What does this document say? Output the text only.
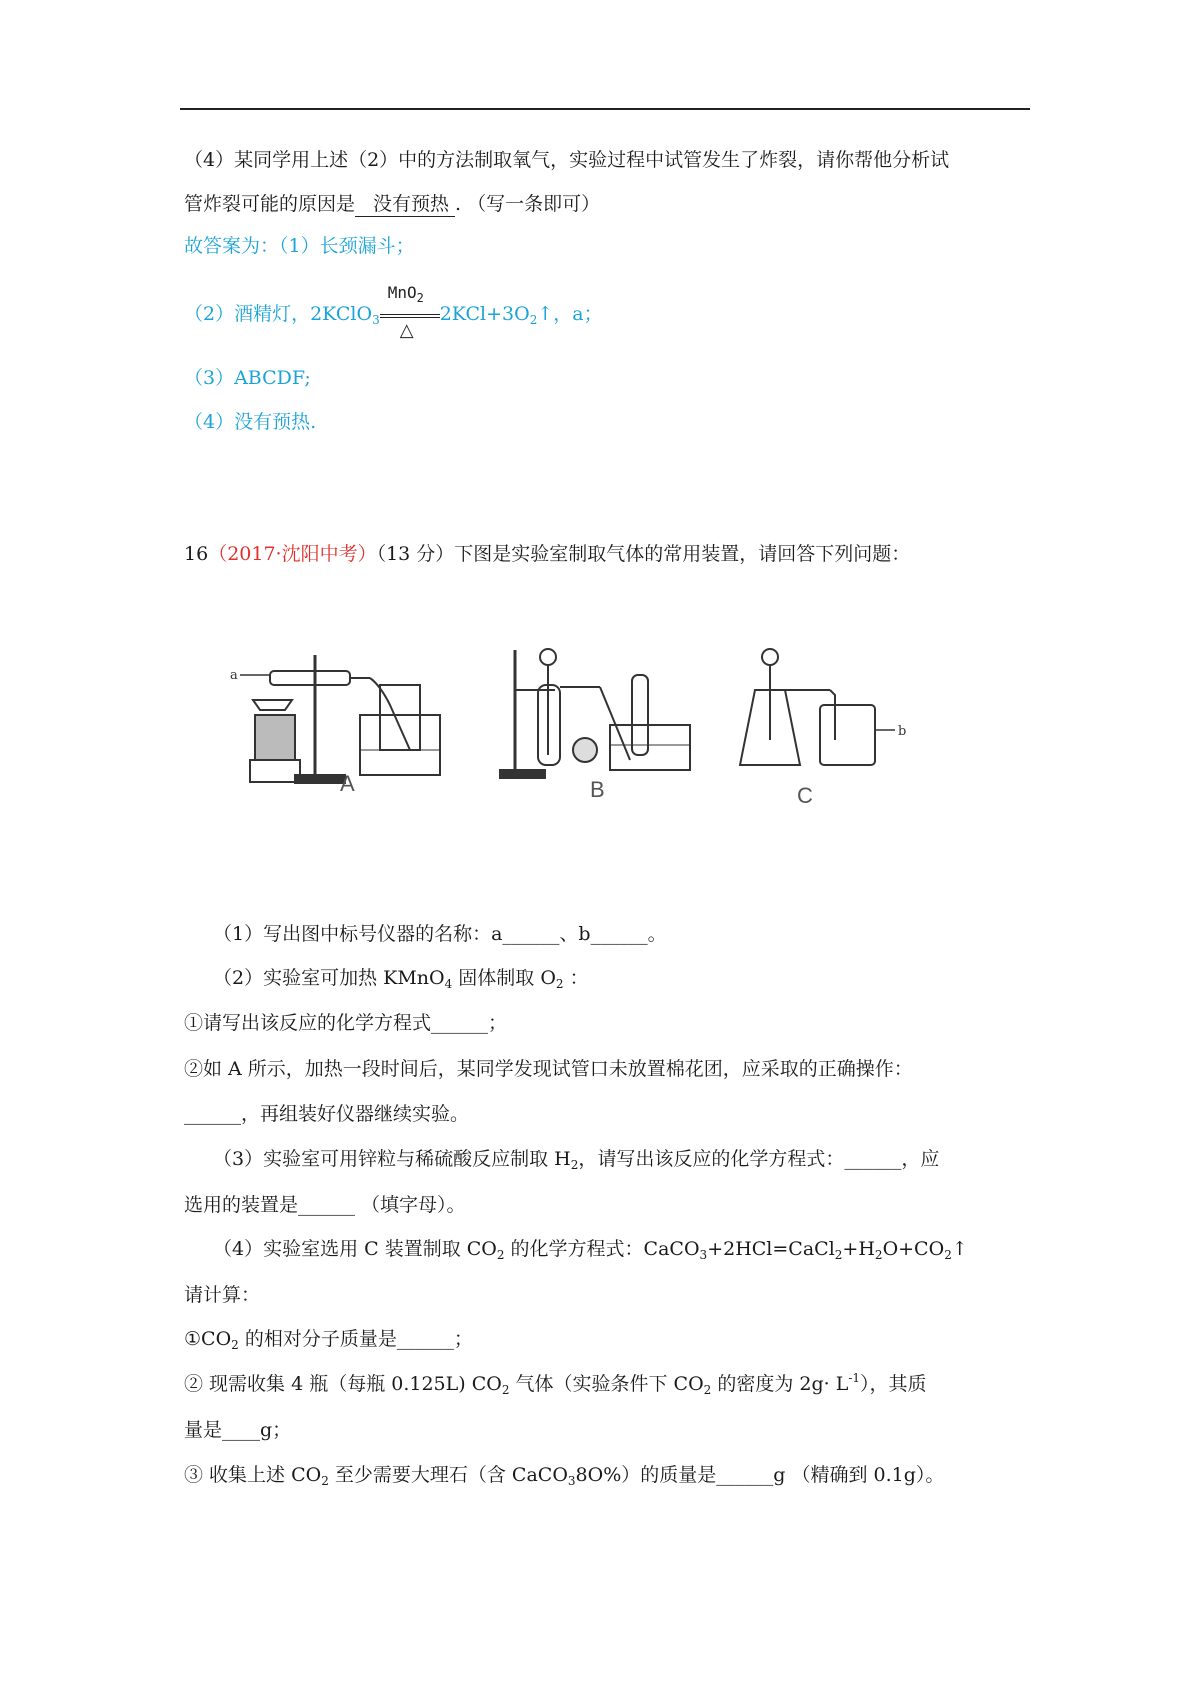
（4）某同学用上述（2）中的方法制取氧气，实验过程中试管发生了炸裂，请你帮他分析试
管炸裂可能的原因是 没有预热 . （写一条即可）
故答案为：（1）长颈漏斗；
（2）酒精灯，2KClO$_3$
MnO$_2$
△
$2KCl+3O_2↑$，a；
（3）ABCDF;
（4）没有预热.
16（2017·沈阳中考）（13 分）下图是实验室制取气体的常用装置，请回答下列问题：
a
b
A	B	C
（1）写出图中标号仪器的名称：a______、b______。
（2）实验室可加热 KMnO$_4$ 固体制取 $O_2$ ：
①请写出该反应的化学方程式______；
②如 A 所示，加热一段时间后，某同学发现试管口未放置棉花团，应采取的正确操作：
______，再组装好仪器继续实验。
（3）实验室可用锌粒与稀硫酸反应制取 $H_2$，请写出该反应的化学方程式：______，应
选用的装置是______ （填字母）。
（4）实验室选用 C 装置制取 $CO_2$ 的化学方程式：$CaCO_3+2HCl=CaCl_2+H_2O+CO_2↑$
请计算：
$①CO_2$ 的相对分子质量是______；
② 现需收集 4 瓶（每瓶 0.125L) $CO_2$ 气体（实验条件下 $CO_2$ 的密度为 $2g\cdot L^{-1}$），其质
量是____g；
③ 收集上述 $CO_2$ 至少需要大理石（含 CaCO$_3$8O%）的质量是______g （精确到 0.1g）。
